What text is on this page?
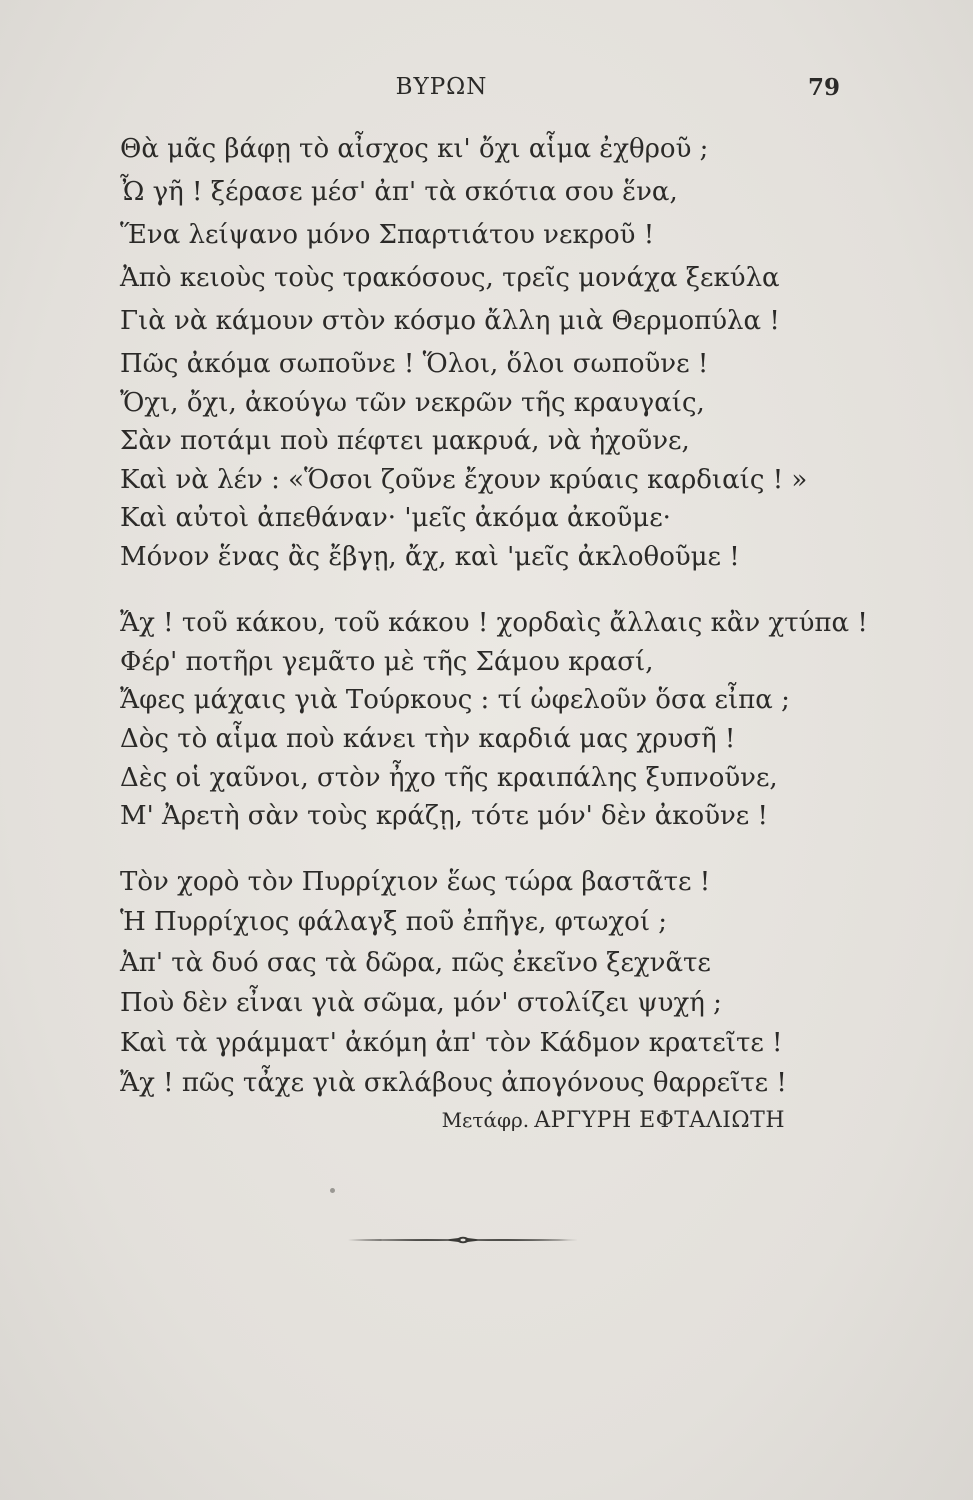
ΒΥΡΩΝ	79
Θὰ μᾶς βάφῃ τὸ αἶσχος κι' ὄχι αἷμα ἐχθροῦ ;
Ὦ γῆ ! ξέρασε μέσ' ἀπ' τὰ σκότια σου ἕνα,
Ἕνα λείψανο μόνο Σπαρτιάτου νεκροῦ !
Ἀπὸ κειοὺς τοὺς τρακόσους, τρεῖς μονάχα ξεκύλα
Γιὰ νὰ κάμουν στὸν κόσμο ἄλλη μιὰ Θερμοπύλα !
Πῶς ἀκόμα σωποῦνε ! Ὅλοι, ὅλοι σωποῦνε !
Ὄχι, ὄχι, ἀκούγω τῶν νεκρῶν τῆς κραυγαίς,
Σὰν ποτάμι ποὺ πέφτει μακρυά, νὰ ἠχοῦνε,
Καὶ νὰ λέν : «Ὅσοι ζοῦνε ἔχουν κρύαις καρδιαίς ! »
Καὶ αὐτοὶ ἀπεθάναν· 'μεῖς ἀκόμα ἀκοῦμε·
Μόνον ἕνας ἂς ἔβγῃ, ἄχ, καὶ 'μεῖς ἀκλοθοῦμε !
Ἄχ ! τοῦ κάκου, τοῦ κάκου ! χορδαὶς ἄλλαις κἂν χτύπα !
Φέρ' ποτῆρι γεμᾶτο μὲ τῆς Σάμου κρασί,
Ἄφες μάχαις γιὰ Τούρκους : τί ὠφελοῦν ὅσα εἶπα ;
Δὸς τὸ αἷμα ποὺ κάνει τὴν καρδιά μας χρυσῆ !
Δὲς οἱ χαῦνοι, στὸν ἦχο τῆς κραιπάλης ξυπνοῦνε,
Μ' Ἀρετὴ σὰν τοὺς κράζῃ, τότε μόν' δὲν ἀκοῦνε !
Τὸν χορὸ τὸν Πυρρίχιον ἕως τώρα βαστᾶτε !
Ἡ Πυρρίχιος φάλαγξ ποῦ ἐπῆγε, φτωχοί ;
Ἀπ' τὰ δυό σας τὰ δῶρα, πῶς ἐκεῖνο ξεχνᾶτε
Ποὺ δὲν εἶναι γιὰ σῶμα, μόν' στολίζει ψυχή ;
Καὶ τὰ γράμματ' ἀκόμη ἀπ' τὸν Κάδμον κρατεῖτε !
Ἄχ ! πῶς τἆχε γιὰ σκλάβους ἀπογόνους θαρρεῖτε !
Μετάφρ. ΑΡΓΥΡΗ ΕΦΤΑΛΙΩΤΗ
